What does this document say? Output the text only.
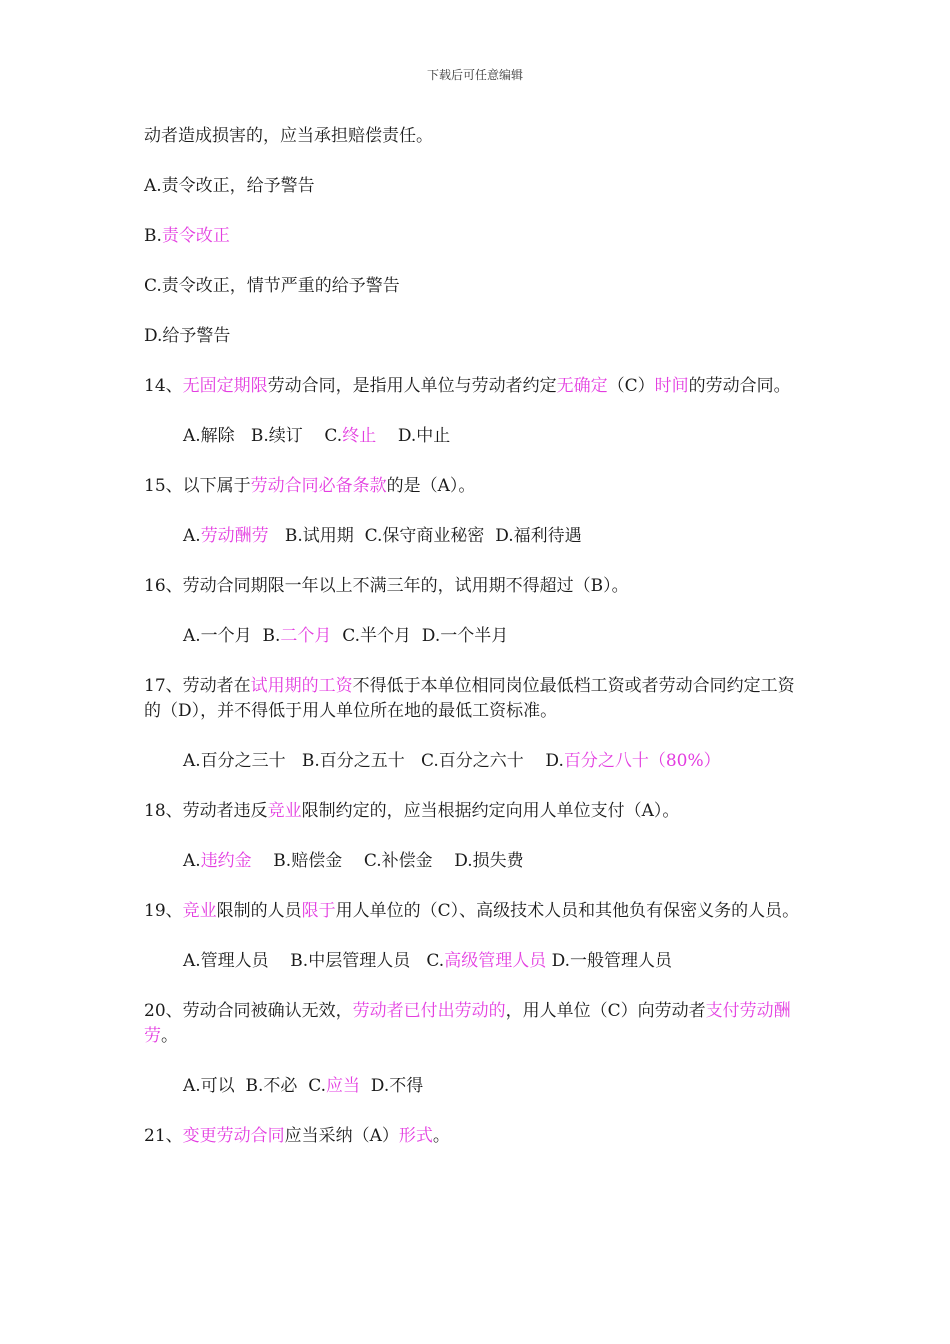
下载后可任意编辑

动者造成损害的，应当承担赔偿责任。

A.责令改正，给予警告

B.责令改正

C.责令改正，情节严重的给予警告

D.给予警告

14、无固定期限劳动合同，是指用人单位与劳动者约定无确定（C）时间的劳动合同。

A.解除   B.续订    C.终止    D.中止

15、以下属于劳动合同必备条款的是（A）。

A.劳动酬劳   B.试用期  C.保守商业秘密  D.福利待遇

16、劳动合同期限一年以上不满三年的，试用期不得超过（B）。

A.一个月  B.二个月  C.半个月  D.一个半月

17、劳动者在试用期的工资不得低于本单位相同岗位最低档工资或者劳动合同约定工资的（D），并不得低于用人单位所在地的最低工资标准。

A.百分之三十   B.百分之五十   C.百分之六十    D.百分之八十（80%）

18、劳动者违反竞业限制约定的，应当根据约定向用人单位支付（A）。

A.违约金    B.赔偿金    C.补偿金    D.损失费

19、竞业限制的人员限于用人单位的（C）、高级技术人员和其他负有保密义务的人员。

A.管理人员    B.中层管理人员   C.高级管理人员 D.一般管理人员

20、劳动合同被确认无效，劳动者已付出劳动的，用人单位（C）向劳动者支付劳动酬劳。

A.可以  B.不必  C.应当  D.不得

21、变更劳动合同应当采纳（A）形式。
